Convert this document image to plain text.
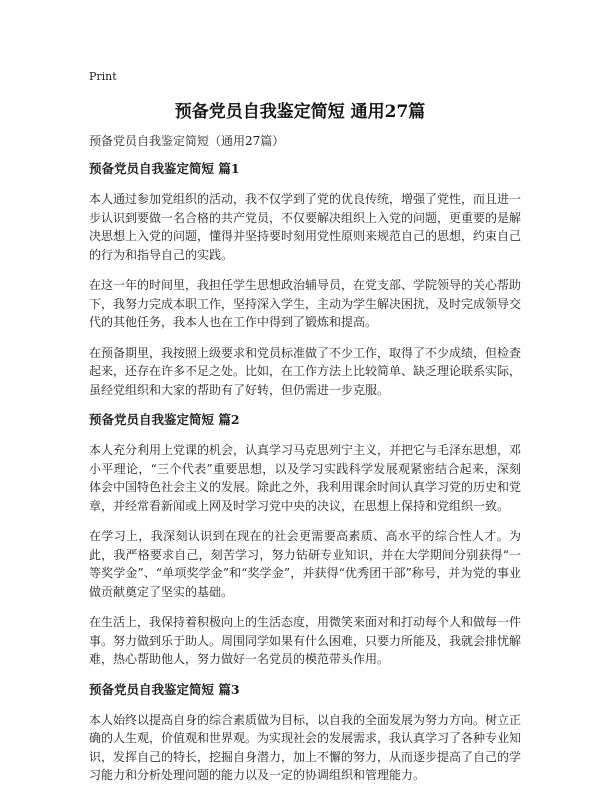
Print
预备党员自我鉴定简短 通用27篇
预备党员自我鉴定简短（通用27篇）
预备党员自我鉴定简短 篇1

本人通过参加党组织的活动，我不仅学到了党的优良传统，增强了党性，而且进一步认识到要做一名合格的共产党员，不仅要解决组织上入党的问题，更重要的是解决思想上入党的问题，懂得并坚持要时刻用党性原则来规范自己的思想，约束自己的行为和指导自己的实践。

在这一年的时间里，我担任学生思想政治辅导员，在党支部、学院领导的关心帮助下，我努力完成本职工作，坚持深入学生，主动为学生解决困扰，及时完成领导交代的其他任务，我本人也在工作中得到了锻炼和提高。

在预备期里，我按照上级要求和党员标准做了不少工作，取得了不少成绩，但检查起来，还存在许多不足之处。比如，在工作方法上比较简单、缺乏理论联系实际，虽经党组织和大家的帮助有了好转，但仍需进一步克服。

预备党员自我鉴定简短 篇2

本人充分利用上党课的机会，认真学习马克思列宁主义，并把它与毛泽东思想，邓小平理论，“三个代表”重要思想，以及学习实践科学发展观紧密结合起来，深刻体会中国特色社会主义的发展。除此之外，我利用课余时间认真学习党的历史和党章，并经常看新闻或上网及时学习党中央的决议，在思想上保持和党组织一致。

在学习上，我深刻认识到在现在的社会更需要高素质、高水平的综合性人才。为此，我严格要求自己，刻苦学习，努力钻研专业知识，并在大学期间分别获得“一等奖学金”、“单项奖学金”和“奖学金”，并获得“优秀团干部”称号，并为党的事业做贡献奠定了坚实的基础。

在生活上，我保持着积极向上的生活态度，用微笑来面对和打动每个人和做每一件事。努力做到乐于助人。周围同学如果有什么困难，只要力所能及，我就会排忧解难，热心帮助他人，努力做好一名党员的模范带头作用。

预备党员自我鉴定简短 篇3

本人始终以提高自身的综合素质做为目标，以自我的全面发展为努力方向。树立正确的人生观，价值观和世界观。为实现社会的发展需求，我认真学习了各种专业知识，发挥自己的特长，挖掘自身潜力，加上不懈的努力，从而逐步提高了自己的学习能力和分析处理问题的能力以及一定的协调组织和管理能力。
